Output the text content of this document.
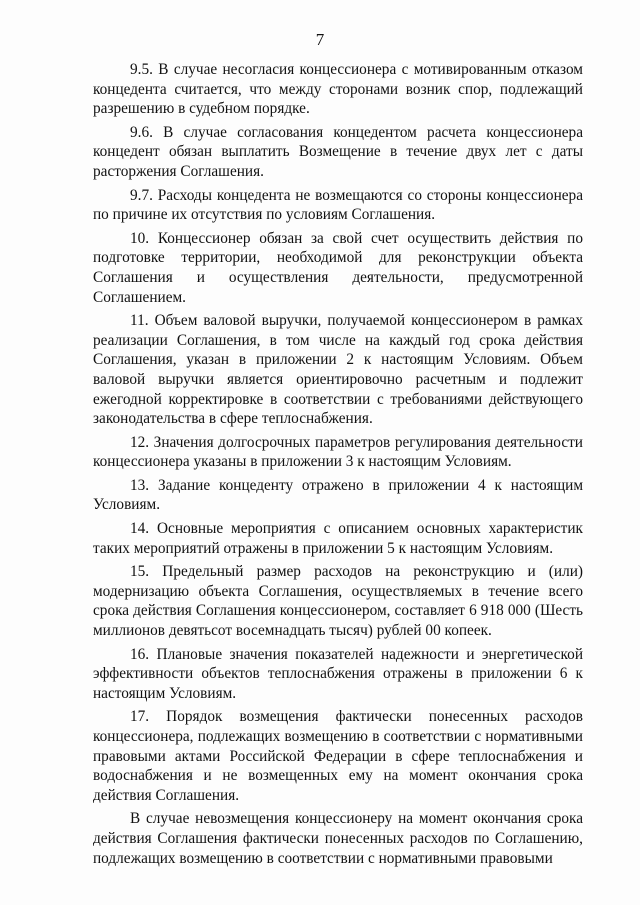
7

9.5. В случае несогласия концессионера с мотивированным отказом концедента считается, что между сторонами возник спор, подлежащий разрешению в судебном порядке.

9.6. В случае согласования концедентом расчета концессионера концедент обязан выплатить Возмещение в течение двух лет с даты расторжения Соглашения.

9.7. Расходы концедента не возмещаются со стороны концессионера по причине их отсутствия по условиям Соглашения.

10. Концессионер обязан за свой счет осуществить действия по подготовке территории, необходимой для реконструкции объекта Соглашения и осуществления деятельности, предусмотренной Соглашением.

11. Объем валовой выручки, получаемой концессионером в рамках реализации Соглашения, в том числе на каждый год срока действия Соглашения, указан в приложении 2 к настоящим Условиям. Объем валовой выручки является ориентировочно расчетным и подлежит ежегодной корректировке в соответствии с требованиями действующего законодательства в сфере теплоснабжения.

12. Значения долгосрочных параметров регулирования деятельности концессионера указаны в приложении 3 к настоящим Условиям.

13. Задание концеденту отражено в приложении 4 к настоящим Условиям.

14. Основные мероприятия с описанием основных характеристик таких мероприятий отражены в приложении 5 к настоящим Условиям.

15. Предельный размер расходов на реконструкцию и (или) модернизацию объекта Соглашения, осуществляемых в течение всего срока действия Соглашения концессионером, составляет 6 918 000 (Шесть миллионов девятьсот восемнадцать тысяч) рублей 00 копеек.

16. Плановые значения показателей надежности и энергетической эффективности объектов теплоснабжения отражены в приложении 6 к настоящим Условиям.

17. Порядок возмещения фактически понесенных расходов концессионера, подлежащих возмещению в соответствии с нормативными правовыми актами Российской Федерации в сфере теплоснабжения и водоснабжения и не возмещенных ему на момент окончания срока действия Соглашения.

В случае невозмещения концессионеру на момент окончания срока действия Соглашения фактически понесенных расходов по Соглашению, подлежащих возмещению в соответствии с нормативными правовыми
